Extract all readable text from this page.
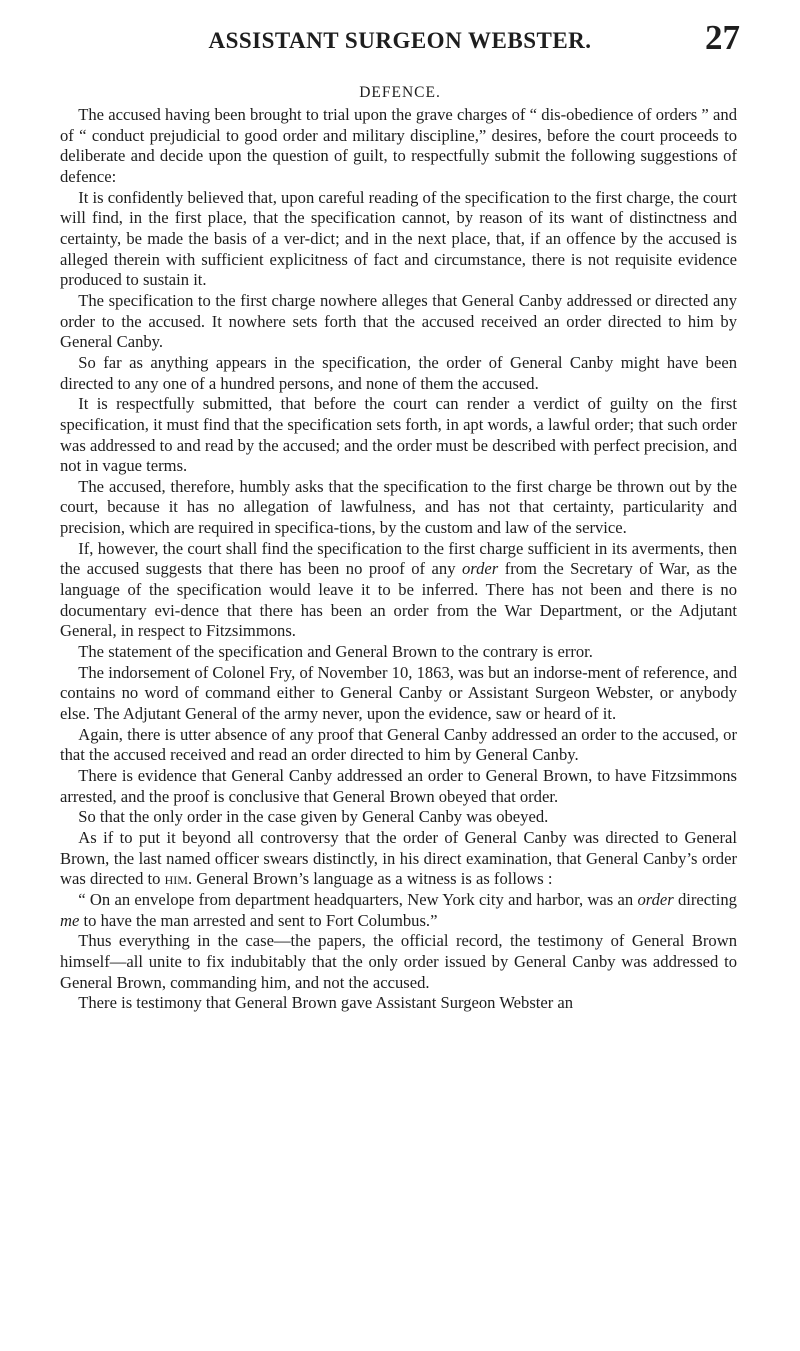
ASSISTANT SURGEON WEBSTER.	27
DEFENCE.

The accused having been brought to trial upon the grave charges of “ dis-obedience of orders ” and of “ conduct prejudicial to good order and military discipline,” desires, before the court proceeds to deliberate and decide upon the question of guilt, to respectfully submit the following suggestions of defence:

It is confidently believed that, upon careful reading of the specification to the first charge, the court will find, in the first place, that the specification cannot, by reason of its want of distinctness and certainty, be made the basis of a ver-dict; and in the next place, that, if an offence by the accused is alleged therein with sufficient explicitness of fact and circumstance, there is not requisite evidence produced to sustain it.

The specification to the first charge nowhere alleges that General Canby addressed or directed any order to the accused. It nowhere sets forth that the accused received an order directed to him by General Canby.

So far as anything appears in the specification, the order of General Canby might have been directed to any one of a hundred persons, and none of them the accused.

It is respectfully submitted, that before the court can render a verdict of guilty on the first specification, it must find that the specification sets forth, in apt words, a lawful order; that such order was addressed to and read by the accused; and the order must be described with perfect precision, and not in vague terms.

The accused, therefore, humbly asks that the specification to the first charge be thrown out by the court, because it has no allegation of lawfulness, and has not that certainty, particularity and precision, which are required in specifica-tions, by the custom and law of the service.

If, however, the court shall find the specification to the first charge sufficient in its averments, then the accused suggests that there has been no proof of any order from the Secretary of War, as the language of the specification would leave it to be inferred. There has not been and there is no documentary evi-dence that there has been an order from the War Department, or the Adjutant General, in respect to Fitzsimmons.

The statement of the specification and General Brown to the contrary is error.

The indorsement of Colonel Fry, of November 10, 1863, was but an indorse-ment of reference, and contains no word of command either to General Canby or Assistant Surgeon Webster, or anybody else. The Adjutant General of the army never, upon the evidence, saw or heard of it.

Again, there is utter absence of any proof that General Canby addressed an order to the accused, or that the accused received and read an order directed to him by General Canby.

There is evidence that General Canby addressed an order to General Brown, to have Fitzsimmons arrested, and the proof is conclusive that General Brown obeyed that order.

So that the only order in the case given by General Canby was obeyed.

As if to put it beyond all controversy that the order of General Canby was directed to General Brown, the last named officer swears distinctly, in his direct examination, that General Canby’s order was directed to him. General Brown’s language as a witness is as follows :

“ On an envelope from department headquarters, New York city and harbor, was an order directing me to have the man arrested and sent to Fort Columbus.”

Thus everything in the case—the papers, the official record, the testimony of General Brown himself—all unite to fix indubitably that the only order issued by General Canby was addressed to General Brown, commanding him, and not the accused.

There is testimony that General Brown gave Assistant Surgeon Webster an
